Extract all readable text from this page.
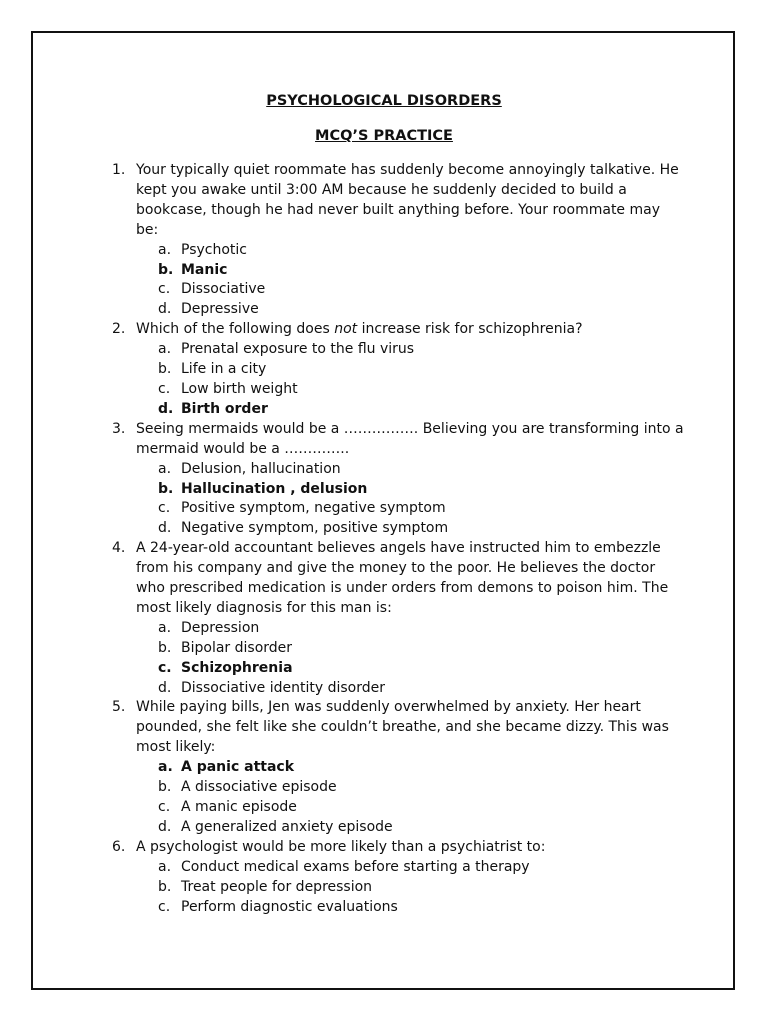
PSYCHOLOGICAL DISORDERS
MCQ’S PRACTICE
1. Your typically quiet roommate has suddenly become annoyingly talkative. He kept you awake until 3:00 AM because he suddenly decided to build a bookcase, though he had never built anything before. Your roommate may be:
a. Psychotic
b. Manic
c. Dissociative
d. Depressive
2. Which of the following does not increase risk for schizophrenia?
a. Prenatal exposure to the flu virus
b. Life in a city
c. Low birth weight
d. Birth order
3. Seeing mermaids would be a ……………. Believing you are transforming into a mermaid would be a …………..
a. Delusion, hallucination
b. Hallucination , delusion
c. Positive symptom, negative symptom
d. Negative symptom, positive symptom
4. A 24-year-old accountant believes angels have instructed him to embezzle from his company and give the money to the poor. He believes the doctor who prescribed medication is under orders from demons to poison him. The most likely diagnosis for this man is:
a. Depression
b. Bipolar disorder
c. Schizophrenia
d. Dissociative identity disorder
5. While paying bills, Jen was suddenly overwhelmed by anxiety. Her heart pounded, she felt like she couldn’t breathe, and she became dizzy. This was most likely:
a. A panic attack
b. A dissociative episode
c. A manic episode
d. A generalized anxiety episode
6. A psychologist would be more likely than a psychiatrist to:
a. Conduct medical exams before starting a therapy
b. Treat people for depression
c. Perform diagnostic evaluations
